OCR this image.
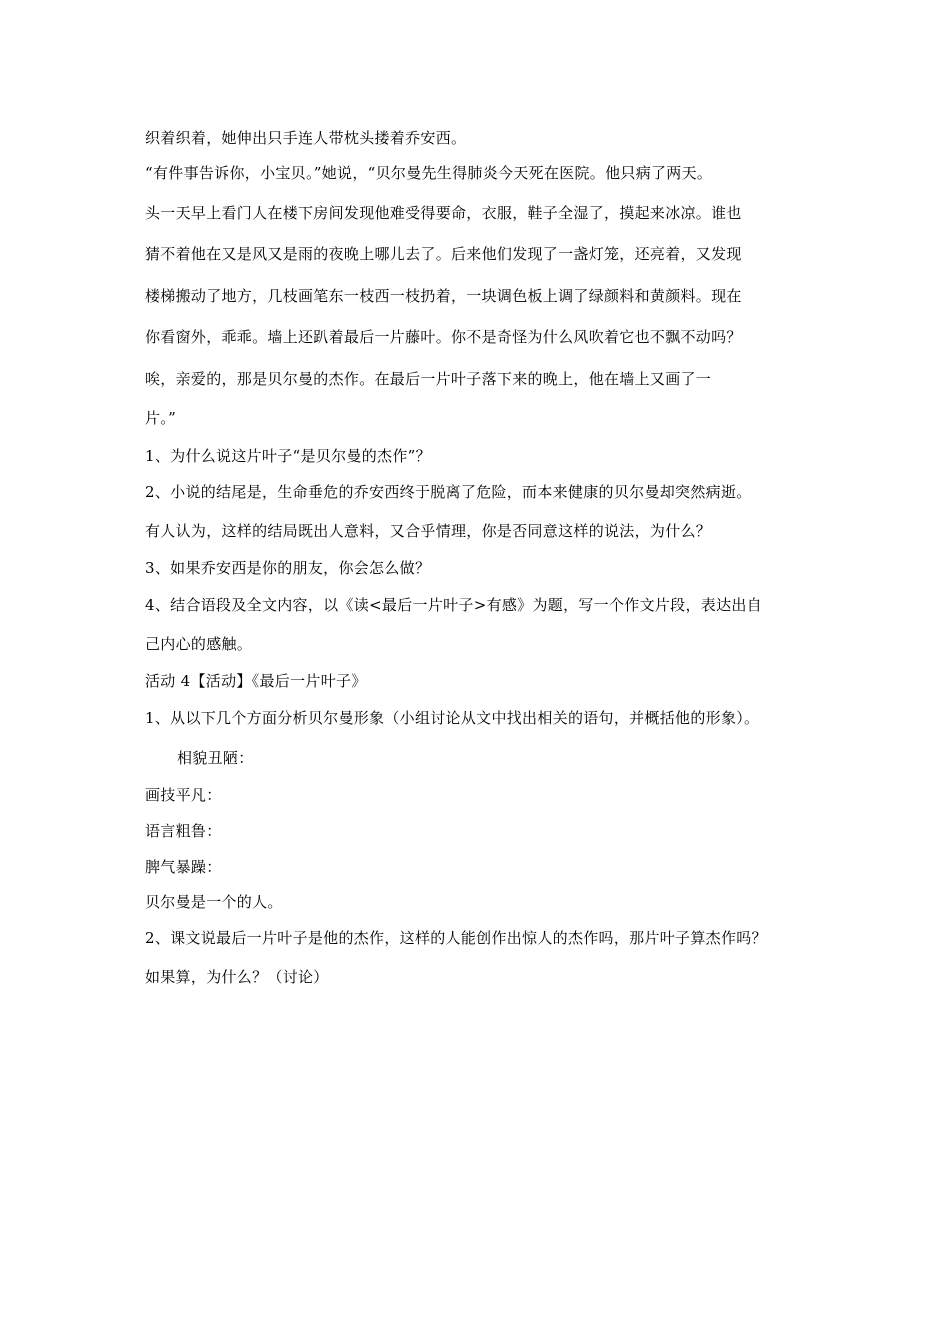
织着织着，她伸出只手连人带枕头搂着乔安西。
“有件事告诉你，小宝贝。”她说，“贝尔曼先生得肺炎今天死在医院。他只病了两天。
头一天早上看门人在楼下房间发现他难受得要命，衣服，鞋子全湿了，摸起来冰凉。谁也
猜不着他在又是风又是雨的夜晚上哪儿去了。后来他们发现了一盏灯笼，还亮着，又发现
楼梯搬动了地方，几枝画笔东一枝西一枝扔着，一块调色板上调了绿颜料和黄颜料。现在
你看窗外，乖乖。墙上还趴着最后一片藤叶。你不是奇怪为什么风吹着它也不飘不动吗？
唉，亲爱的，那是贝尔曼的杰作。在最后一片叶子落下来的晚上，他在墙上又画了一
片。”
1、为什么说这片叶子“是贝尔曼的杰作”？
2、小说的结尾是，生命垂危的乔安西终于脱离了危险，而本来健康的贝尔曼却突然病逝。
有人认为，这样的结局既出人意料，又合乎情理，你是否同意这样的说法，为什么？
3、如果乔安西是你的朋友，你会怎么做？
4、结合语段及全文内容，以《读<最后一片叶子>有感》为题，写一个作文片段，表达出自
己内心的感触。
活动 4【活动】《最后一片叶子》
1、从以下几个方面分析贝尔曼形象（小组讨论从文中找出相关的语句，并概括他的形象）。
相貌丑陋：
画技平凡：
语言粗鲁：
脾气暴躁：
贝尔曼是一个的人。
2、课文说最后一片叶子是他的杰作，这样的人能创作出惊人的杰作吗，那片叶子算杰作吗？
如果算，为什么？（讨论）
